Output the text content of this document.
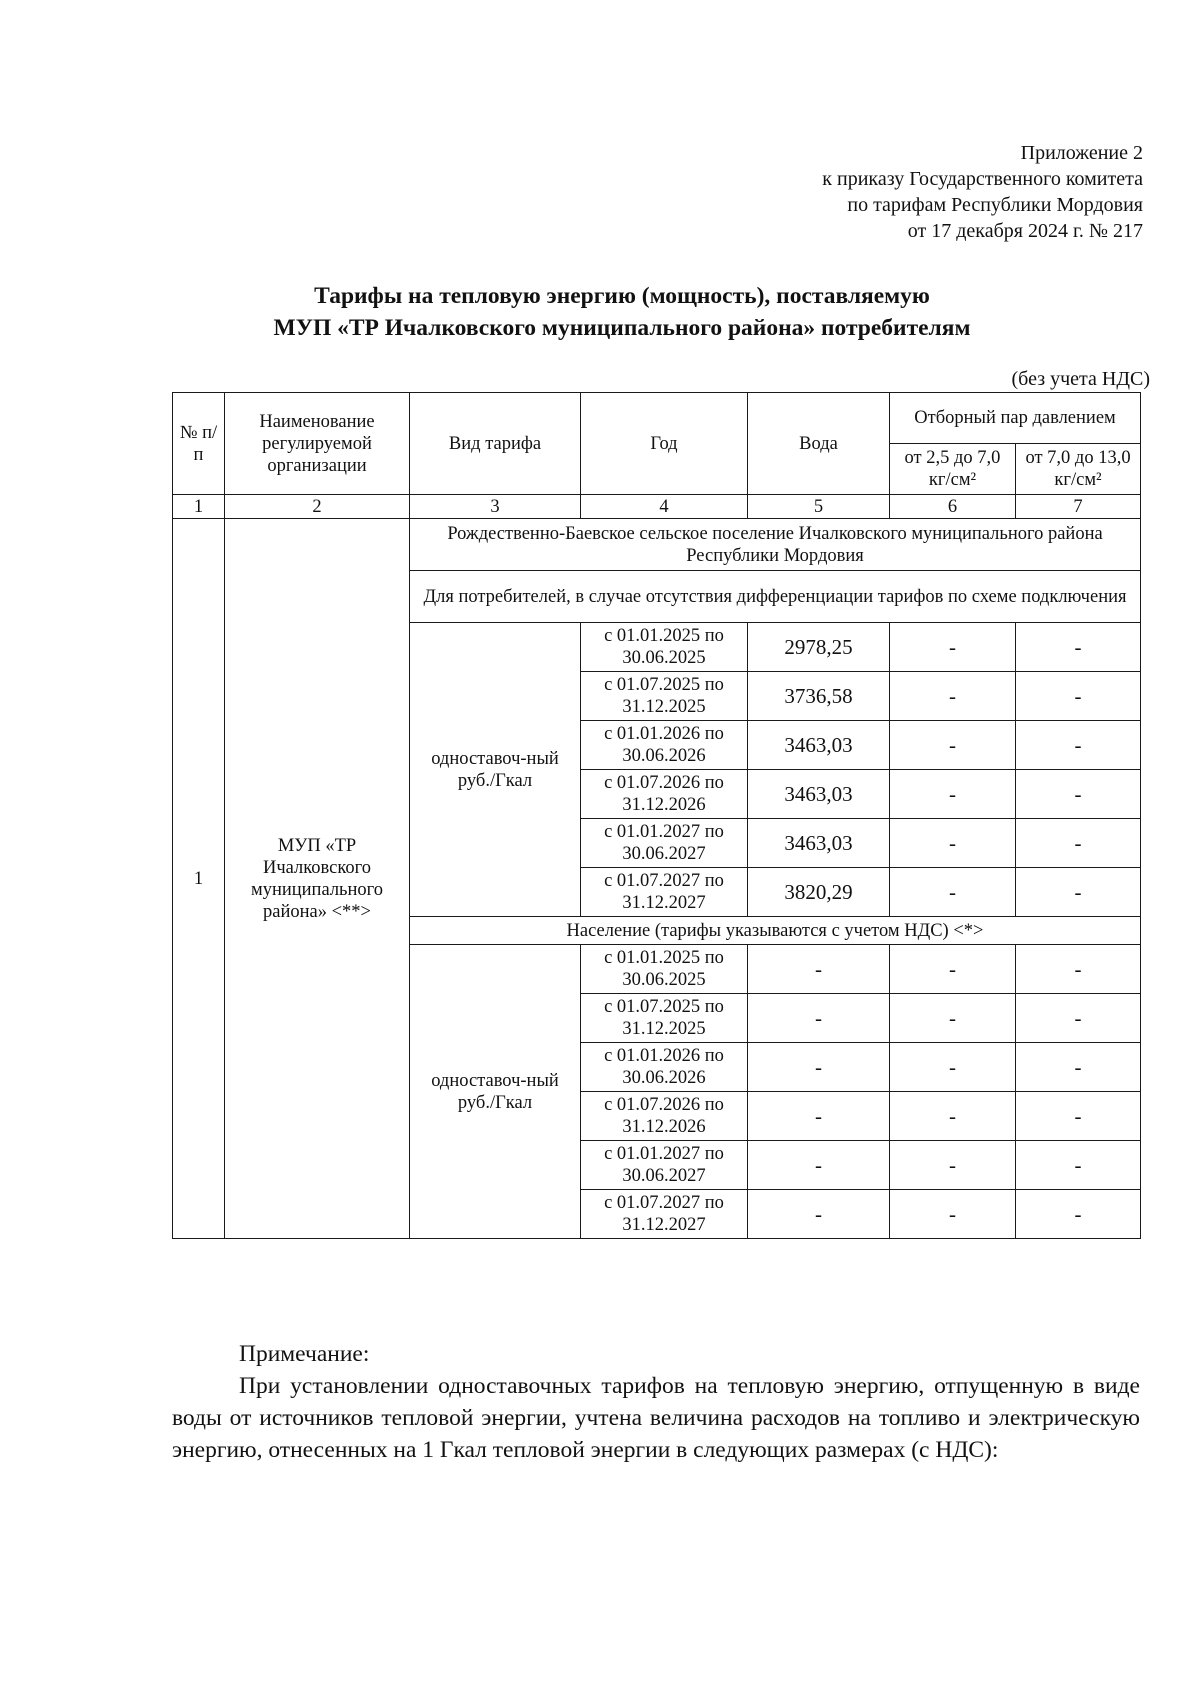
Приложение 2
к приказу Государственного комитета
по тарифам Республики Мордовия
от 17 декабря 2024 г. № 217
Тарифы на тепловую энергию (мощность), поставляемую
МУП «ТР Ичалковского муниципального района» потребителям
(без учета НДС)
№ п/п	Наименование регулируемой организации	Вид тарифа	Год	Вода	Отборный пар давлением	
					от 2,5 до 7,0 кг/см²	от 7,0 до 13,0 кг/см²
1	2	3	4	5	6	7
1	МУП «ТР Ичалковского муниципального района» <**>	Рождественно-Баевское сельское поселение Ичалковского муниципального района Республики Мордовия				
		Для потребителей, в случае отсутствия дифференциации тарифов по схеме подключения				
		одноставоч-ный руб./Гкал	с 01.01.2025 по 30.06.2025	2978,25	-	-
			с 01.07.2025 по 31.12.2025	3736,58	-	-
			с 01.01.2026 по 30.06.2026	3463,03	-	-
			с 01.07.2026 по 31.12.2026	3463,03	-	-
			с 01.01.2027 по 30.06.2027	3463,03	-	-
			с 01.07.2027 по 31.12.2027	3820,29	-	-
		Население (тарифы указываются с учетом НДС) <*>				
		одноставоч-ный руб./Гкал	с 01.01.2025 по 30.06.2025	-	-	-
			с 01.07.2025 по 31.12.2025	-	-	-
			с 01.01.2026 по 30.06.2026	-	-	-
			с 01.07.2026 по 31.12.2026	-	-	-
			с 01.01.2027 по 30.06.2027	-	-	-
			с 01.07.2027 по 31.12.2027	-	-	-
Примечание:
При установлении одноставочных тарифов на тепловую энергию, отпущенную в виде воды от источников тепловой энергии, учтена величина расходов на топливо и электрическую энергию, отнесенных на 1 Гкал тепловой энергии в следующих размерах (с НДС):
